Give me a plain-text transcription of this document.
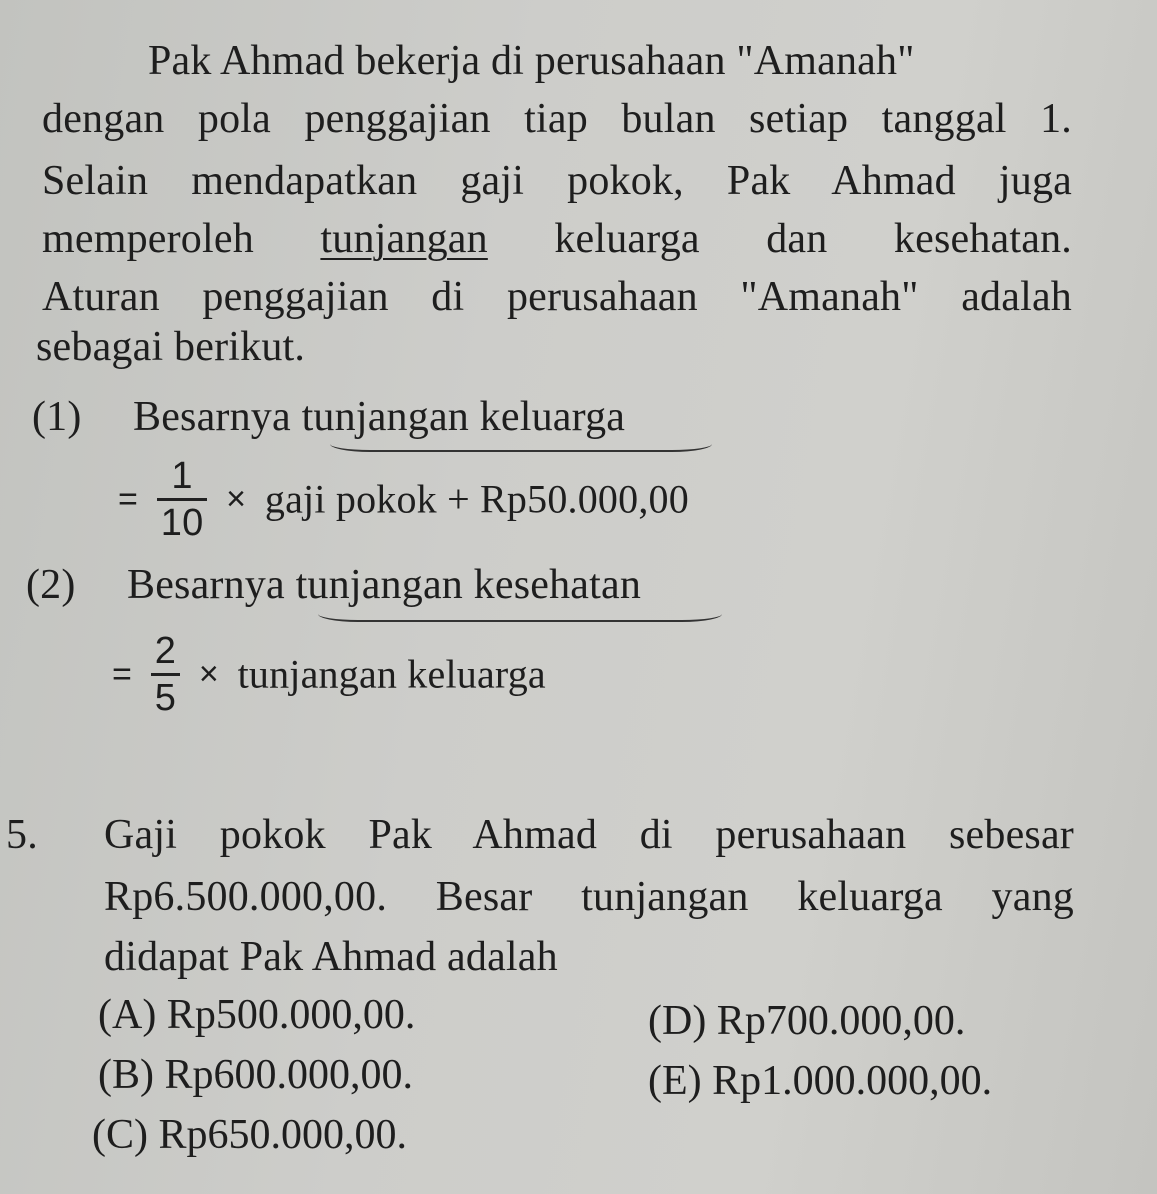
Pak Ahmad bekerja di perusahaan "Amanah"
dengan pola penggajian tiap bulan setiap tanggal 1.
Selain mendapatkan gaji pokok, Pak Ahmad juga
memperoleh tunjangan keluarga dan kesehatan.
Aturan penggajian di perusahaan "Amanah" adalah
sebagai berikut.
(1) Besarnya tunjangan keluarga
= $\frac{1}{10}$ × gaji pokok + Rp50.000,00
(2) Besarnya tunjangan kesehatan
= $\frac{2}{5}$ × tunjangan keluarga
5. Gaji pokok Pak Ahmad di perusahaan sebesar
Rp6.500.000,00. Besar tunjangan keluarga yang
didapat Pak Ahmad adalah
(A) Rp500.000,00.
(B) Rp600.000,00.
(C) Rp650.000,00.
(D) Rp700.000,00.
(E) Rp1.000.000,00.
